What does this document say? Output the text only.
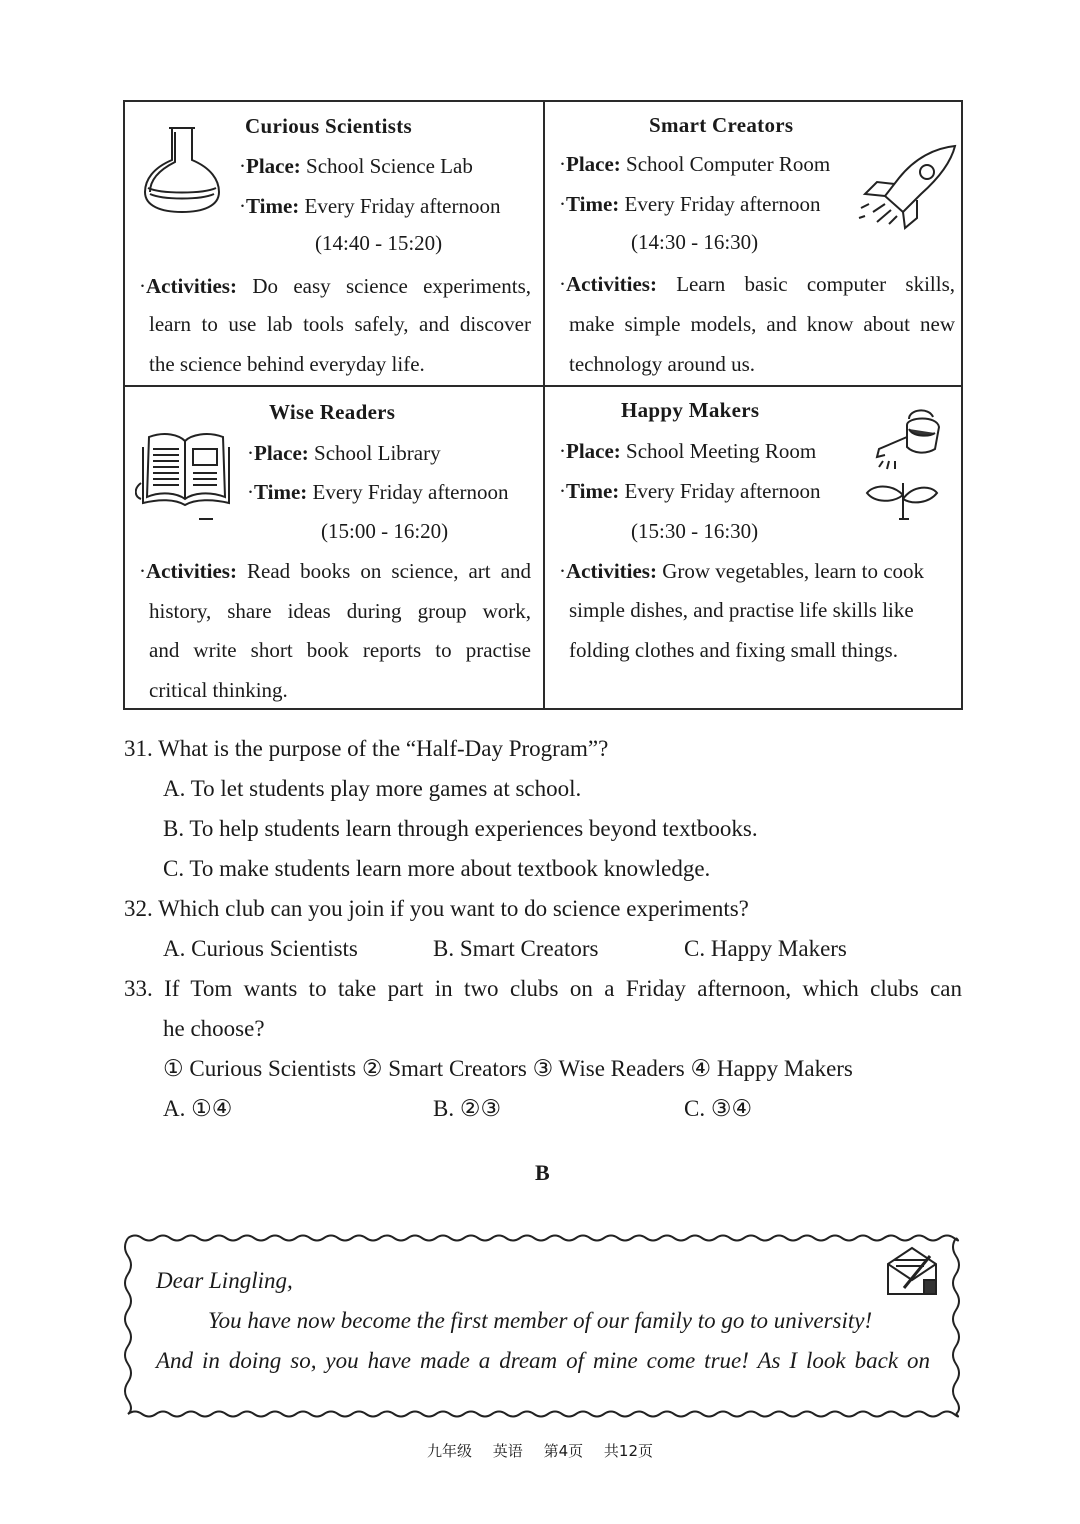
Curious Scientists
·Place: School Science Lab
·Time: Every Friday afternoon
(14:40 - 15:20)
·Activities: Do easy science experiments,
learn to use lab tools safely, and discover
the science behind everyday life.
Smart Creators
·Place: School Computer Room
·Time: Every Friday afternoon
(14:30 - 16:30)
·Activities: Learn basic computer skills,
make simple models, and know about new
technology around us.
Wise Readers
·Place: School Library
·Time: Every Friday afternoon
(15:00 - 16:20)
·Activities: Read books on science, art and
history, share ideas during group work,
and write short book reports to practise
critical thinking.
Happy Makers
·Place: School Meeting Room
·Time: Every Friday afternoon
(15:30 - 16:30)
·Activities: Grow vegetables, learn to cook
simple dishes, and practise life skills like
folding clothes and fixing small things.
31. What is the purpose of the “Half-Day Program”?
A. To let students play more games at school.
B. To help students learn through experiences beyond textbooks.
C. To make students learn more about textbook knowledge.
32. Which club can you join if you want to do science experiments?
A. Curious Scientists	B. Smart Creators	C. Happy Makers
33. If Tom wants to take part in two clubs on a Friday afternoon, which clubs can
he choose?
① Curious Scientists ② Smart Creators ③ Wise Readers ④ Happy Makers
A. ①④	B. ②③	C. ③④
B
Dear Lingling,
You have now become the first member of our family to go to university!
And in doing so, you have made a dream of mine come true! As I look back on
九年级 英语 第4页 共12页
